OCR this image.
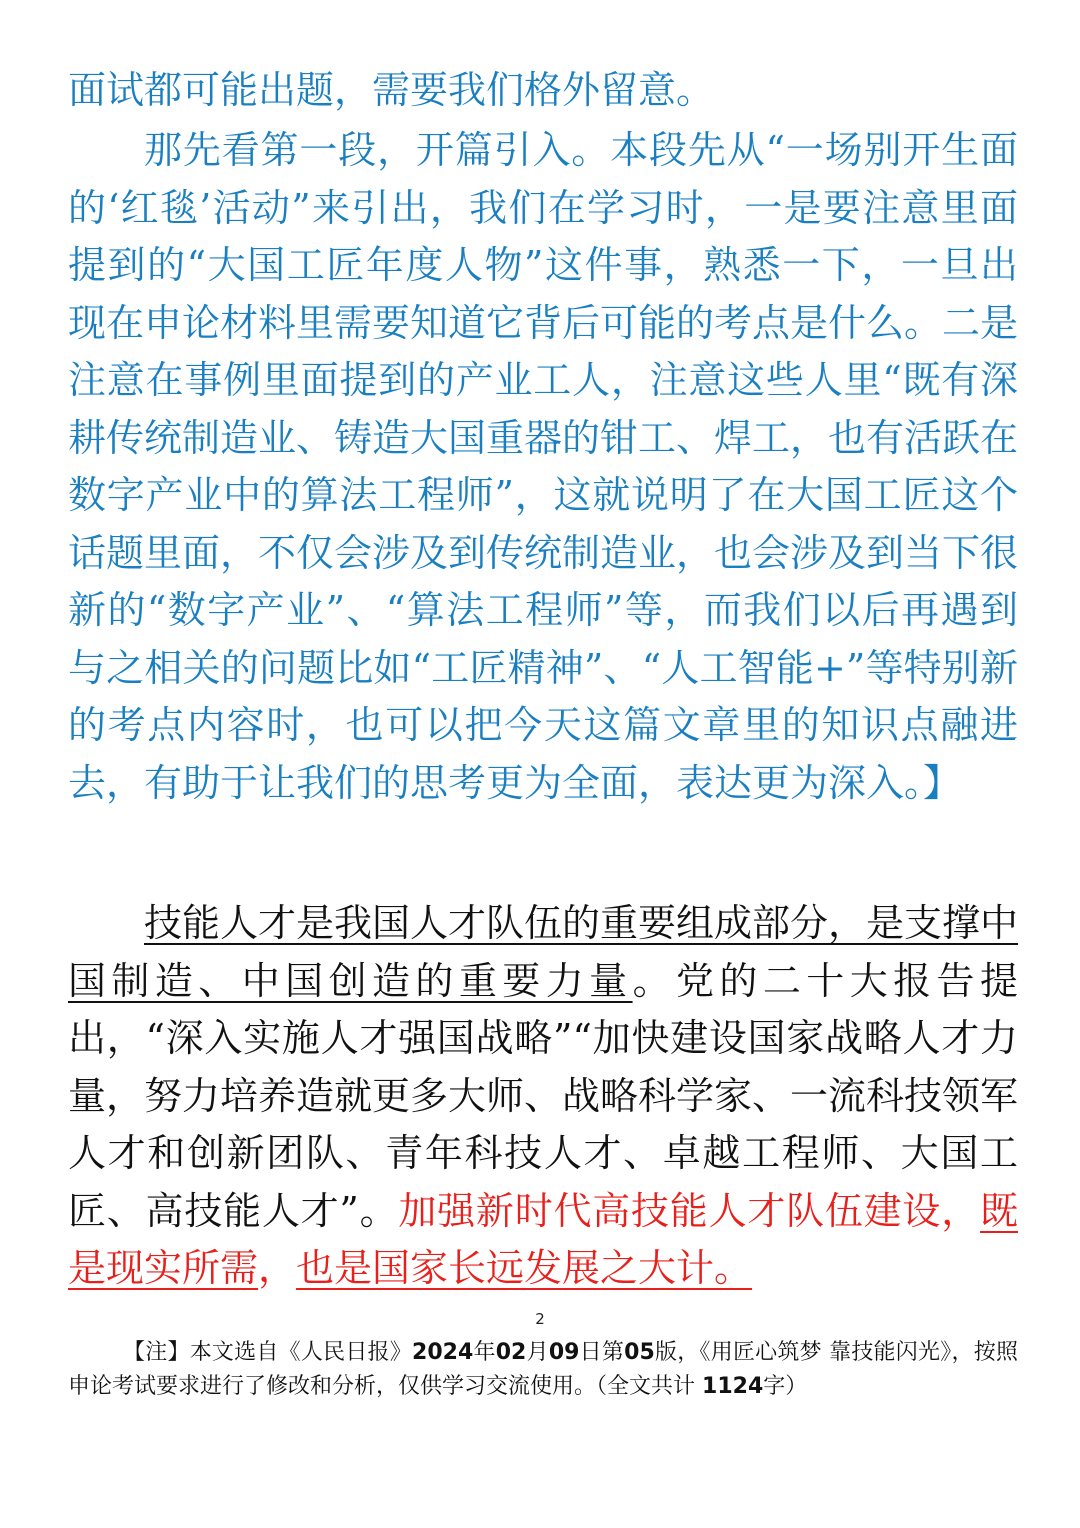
面试都可能出题，需要我们格外留意。

那先看第一段，开篇引入。本段先从“一场别开生面的‘红毯’活动”来引出，我们在学习时，一是要注意里面提到的“大国工匠年度人物”这件事，熟悉一下，一旦出现在申论材料里需要知道它背后可能的考点是什么。二是注意在事例里面提到的产业工人，注意这些人里“既有深耕传统制造业、铸造大国重器的钳工、焊工，也有活跃在数字产业中的算法工程师”，这就说明了在大国工匠这个话题里面，不仅会涉及到传统制造业，也会涉及到当下很新的“数字产业”、“算法工程师”等，而我们以后再遇到与之相关的问题比如“工匠精神”、“人工智能+”等特别新的考点内容时，也可以把今天这篇文章里的知识点融进去，有助于让我们的思考更为全面，表达更为深入。】

技能人才是我国人才队伍的重要组成部分，是支撑中国制造、中国创造的重要力量。党的二十大报告提出，“深入实施人才强国战略”“加快建设国家战略人才力量，努力培养造就更多大师、战略科学家、一流科技领军人才和创新团队、青年科技人才、卓越工程师、大国工匠、高技能人才”。加强新时代高技能人才队伍建设，既是现实所需，也是国家长远发展之大计。

2

【注】本文选自《人民日报》2024年02月09日第05版，《用匠心筑梦 靠技能闪光》，按照申论考试要求进行了修改和分析，仅供学习交流使用。（全文共计 1124字）
